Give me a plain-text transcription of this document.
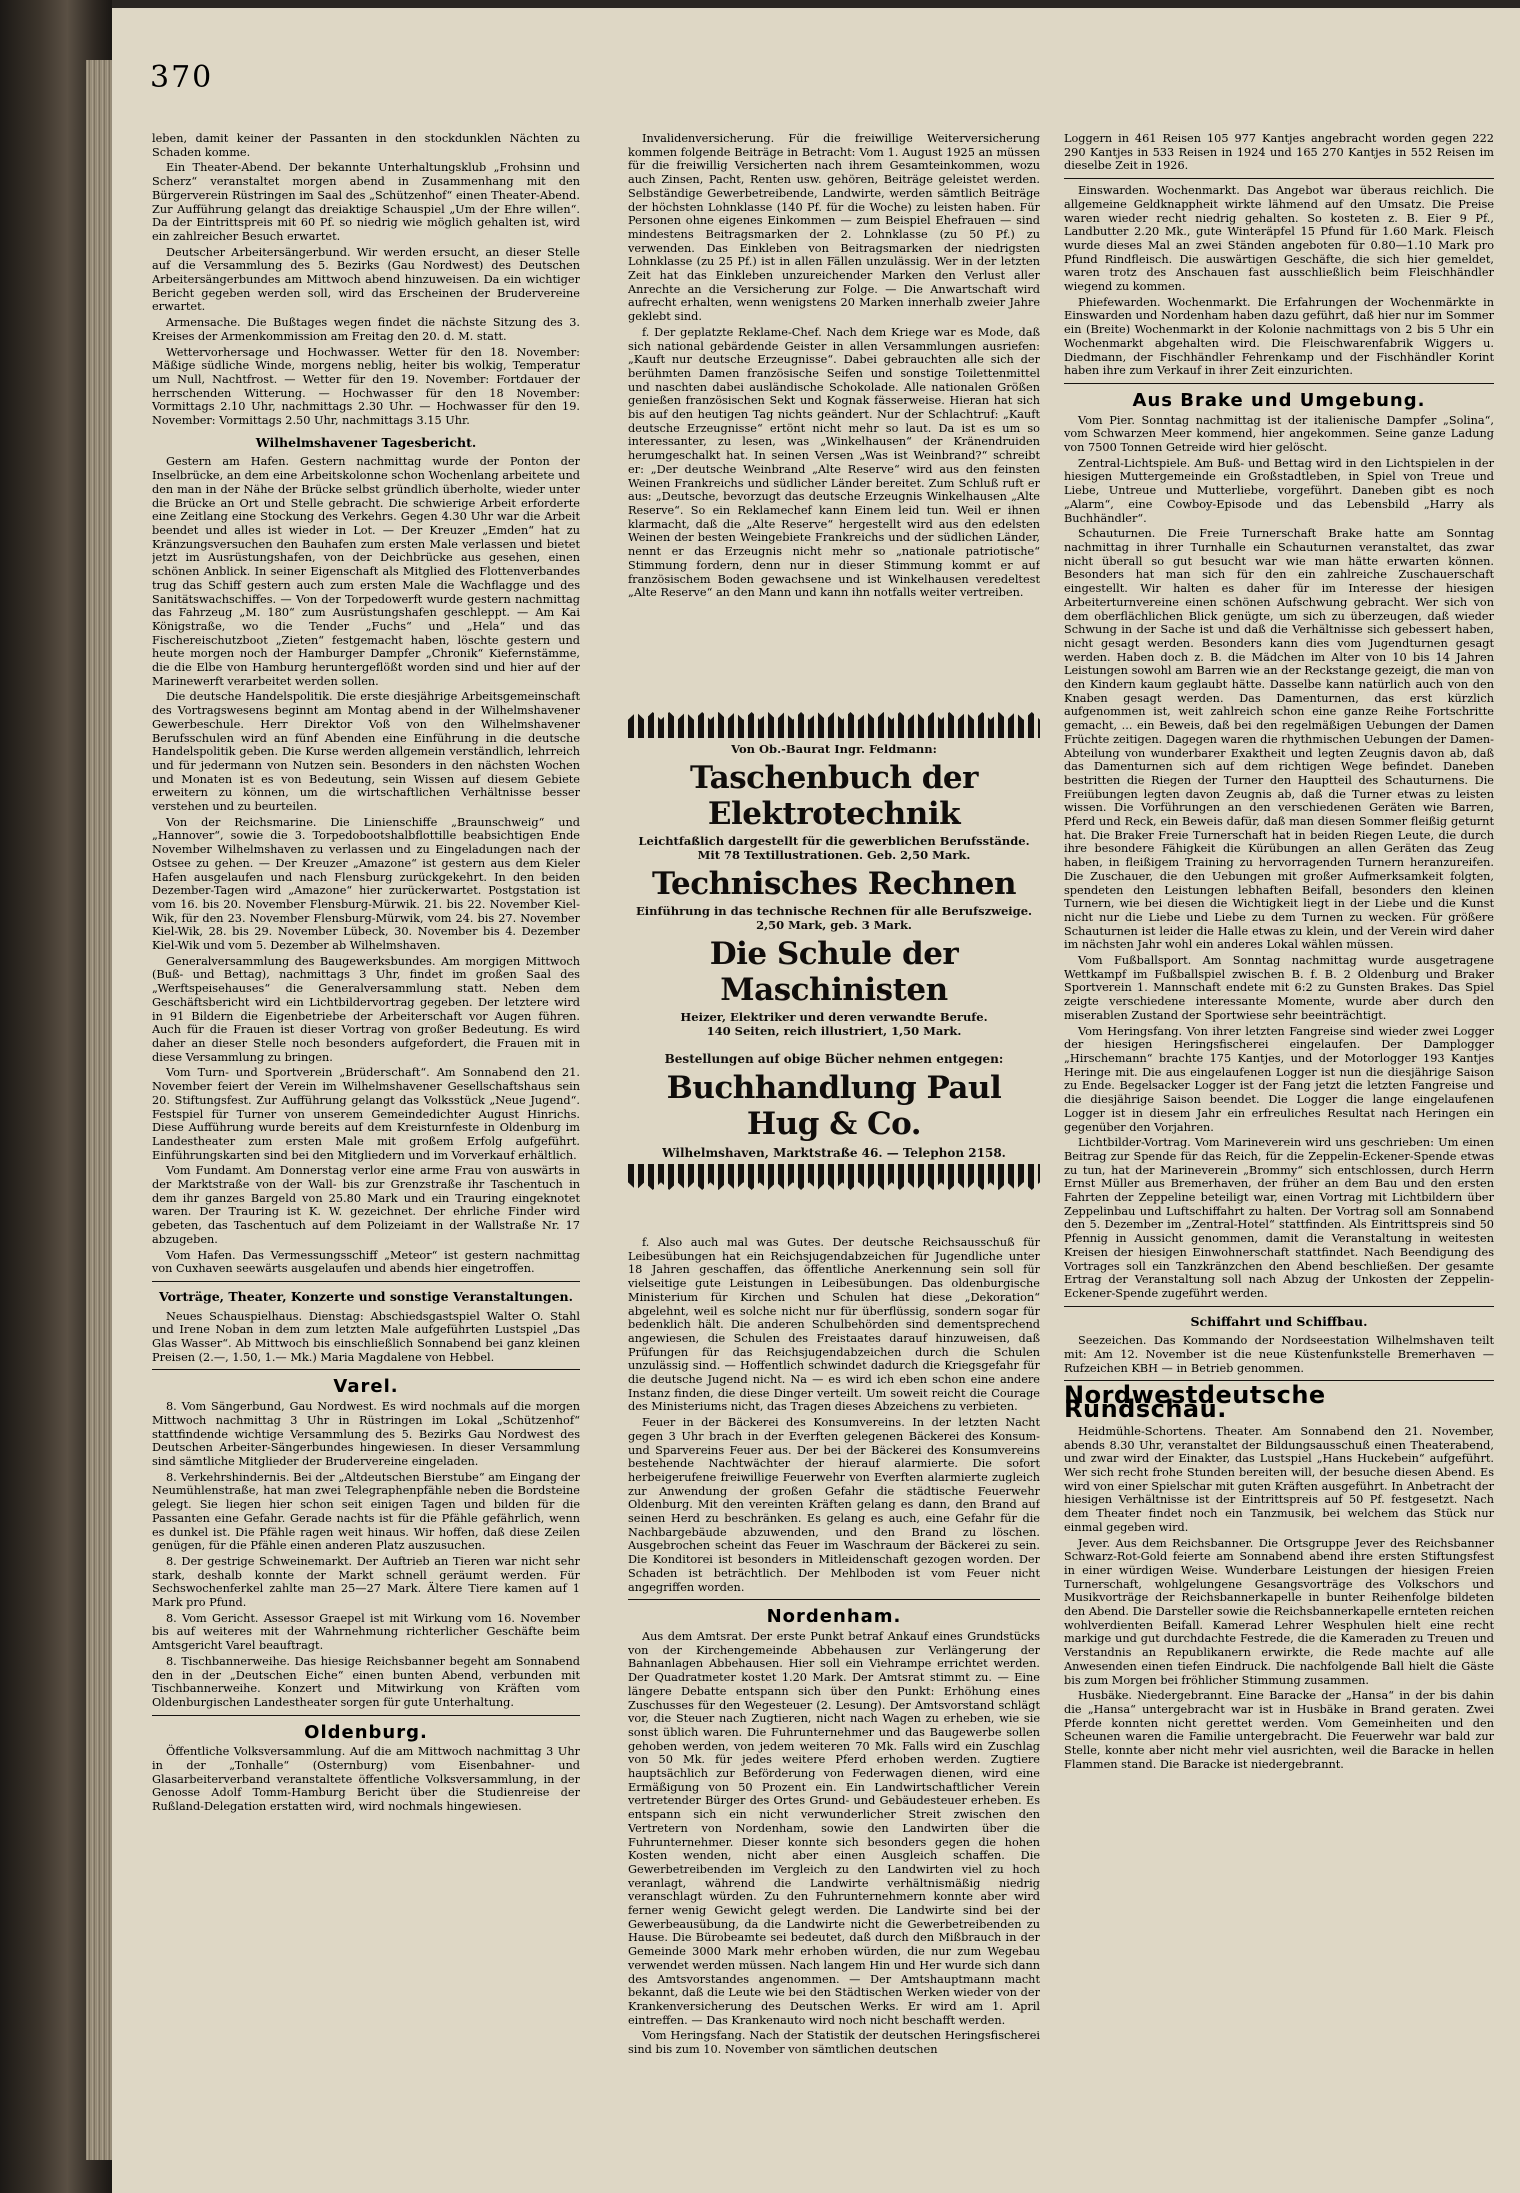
370

leben, damit keiner der Passanten in den stockdunklen Nächten zu Schaden komme.

Ein Theater-Abend. Der bekannte Unterhaltungsklub „Frohsinn und Scherz“ veranstaltet morgen abend in Zusammenhang mit den Bürgerverein Rüstringen im Saal des „Schützenhof“ einen Theater-Abend. Zur Aufführung gelangt das dreiaktige Schauspiel „Um der Ehre willen“. Da der Eintrittspreis mit 60 Pf. so niedrig wie möglich gehalten ist, wird ein zahlreicher Besuch erwartet.

Deutscher Arbeitersängerbund. Wir werden ersucht, an dieser Stelle auf die Versammlung des 5. Bezirks (Gau Nordwest) des Deutschen Arbeitersängerbundes am Mittwoch abend hinzuweisen. Da ein wichtiger Bericht gegeben werden soll, wird das Erscheinen der Brudervereine erwartet.

Armensache. Die Bußtages wegen findet die nächste Sitzung des 3. Kreises der Armenkommission am Freitag den 20. d. M. statt.

Wettervorhersage und Hochwasser. Wetter für den 18. November: Mäßige südliche Winde, morgens neblig, heiter bis wolkig, Temperatur um Null, Nachtfrost. — Wetter für den 19. November: Fortdauer der herrschenden Witterung. — Hochwasser für den 18 November: Vormittags 2.10 Uhr, nachmittags 2.30 Uhr. — Hochwasser für den 19. November: Vormittags 2.50 Uhr, nachmittags 3.15 Uhr.

Wilhelmshavener Tagesbericht.

Gestern am Hafen. Gestern nachmittag wurde der Ponton der Inselbrücke, an dem eine Arbeitskolonne schon Wochenlang arbeitete und den man in der Nähe der Brücke selbst gründlich überholte, wieder unter die Brücke an Ort und Stelle gebracht. Die schwierige Arbeit erforderte eine Zeitlang eine Stockung des Verkehrs. Gegen 4.30 Uhr war die Arbeit beendet und alles ist wieder in Lot. — Der Kreuzer „Emden“ hat zu Kränzungsversuchen den Bauhafen zum ersten Male verlassen und bietet jetzt im Ausrüstungshafen, von der Deichbrücke aus gesehen, einen schönen Anblick. In seiner Eigenschaft als Mitglied des Flottenverbandes trug das Schiff gestern auch zum ersten Male die Wachflagge und des Sanitätswachschiffes. — Von der Torpedowerft wurde gestern nachmittag das Fahrzeug „M. 180“ zum Ausrüstungshafen geschleppt. — Am Kai Königstraße, wo die Tender „Fuchs“ und „Hela“ und das Fischereischutzboot „Zieten“ festgemacht haben, löschte gestern und heute morgen noch der Hamburger Dampfer „Chronik“ Kiefernstämme, die die Elbe von Hamburg heruntergeflößt worden sind und hier auf der Marinewerft verarbeitet werden sollen.

Die deutsche Handelspolitik. Die erste diesjährige Arbeitsgemeinschaft des Vortragswesens beginnt am Montag abend in der Wilhelmshavener Gewerbeschule. Herr Direktor Voß von den Wilhelmshavener Berufsschulen wird an fünf Abenden eine Einführung in die deutsche Handelspolitik geben. Die Kurse werden allgemein verständlich, lehrreich und für jedermann von Nutzen sein. Besonders in den nächsten Wochen und Monaten ist es von Bedeutung, sein Wissen auf diesem Gebiete erweitern zu können, um die wirtschaftlichen Verhältnisse besser verstehen und zu beurteilen.

Von der Reichsmarine. Die Linienschiffe „Braunschweig“ und „Hannover“, sowie die 3. Torpedobootshalbflottille beabsichtigen Ende November Wilhelmshaven zu verlassen und zu Eingeladungen nach der Ostsee zu gehen. — Der Kreuzer „Amazone“ ist gestern aus dem Kieler Hafen ausgelaufen und nach Flensburg zurückgekehrt. In den beiden Dezember-Tagen wird „Amazone“ hier zurückerwartet. Postgstation ist vom 16. bis 20. November Flensburg-Mürwik. 21. bis 22. November Kiel-Wik, für den 23. November Flensburg-Mürwik, vom 24. bis 27. November Kiel-Wik, 28. bis 29. November Lübeck, 30. November bis 4. Dezember Kiel-Wik und vom 5. Dezember ab Wilhelmshaven.

Generalversammlung des Baugewerksbundes. Am morgigen Mittwoch (Buß- und Bettag), nachmittags 3 Uhr, findet im großen Saal des „Werftspeisehauses“ die Generalversammlung statt. Neben dem Geschäftsbericht wird ein Lichtbildervortrag gegeben. Der letztere wird in 91 Bildern die Eigenbetriebe der Arbeiterschaft vor Augen führen. Auch für die Frauen ist dieser Vortrag von großer Bedeutung. Es wird daher an dieser Stelle noch besonders aufgefordert, die Frauen mit in diese Versammlung zu bringen.

Vom Turn- und Sportverein „Brüderschaft“. Am Sonnabend den 21. November feiert der Verein im Wilhelmshavener Gesellschaftshaus sein 20. Stiftungsfest. Zur Aufführung gelangt das Volksstück „Neue Jugend“. Festspiel für Turner von unserem Gemeindedichter August Hinrichs. Diese Aufführung wurde bereits auf dem Kreisturnfeste in Oldenburg im Landestheater zum ersten Male mit großem Erfolg aufgeführt. Einführungskarten sind bei den Mitgliedern und im Vorverkauf erhältlich.

Vom Fundamt. Am Donnerstag verlor eine arme Frau von auswärts in der Marktstraße von der Wall- bis zur Grenzstraße ihr Taschentuch in dem ihr ganzes Bargeld von 25.80 Mark und ein Trauring eingeknotet waren. Der Trauring ist K. W. gezeichnet. Der ehrliche Finder wird gebeten, das Taschentuch auf dem Polizeiamt in der Wallstraße Nr. 17 abzugeben.

Vom Hafen. Das Vermessungsschiff „Meteor“ ist gestern nachmittag von Cuxhaven seewärts ausgelaufen und abends hier eingetroffen.

Vorträge, Theater, Konzerte und sonstige Veranstaltungen.

Neues Schauspielhaus. Dienstag: Abschiedsgastspiel Walter O. Stahl und Irene Noban in dem zum letzten Male aufgeführten Lustspiel „Das Glas Wasser“. Ab Mittwoch bis einschließlich Sonnabend bei ganz kleinen Preisen (2.—, 1.50, 1.— Mk.) Maria Magdalene von Hebbel.

Varel.

8. Vom Sängerbund, Gau Nordwest. Es wird nochmals auf die morgen Mittwoch nachmittag 3 Uhr in Rüstringen im Lokal „Schützenhof“ stattfindende wichtige Versammlung des 5. Bezirks Gau Nordwest des Deutschen Arbeiter-Sängerbundes hingewiesen. In dieser Versammlung sind sämtliche Mitglieder der Brudervereine eingeladen.

8. Verkehrshindernis. Bei der „Altdeutschen Bierstube“ am Eingang der Neumühlenstraße, hat man zwei Telegraphenpfähle neben die Bordsteine gelegt. Sie liegen hier schon seit einigen Tagen und bilden für die Passanten eine Gefahr. Gerade nachts ist für die Pfähle gefährlich, wenn es dunkel ist. Die Pfähle ragen weit hinaus. Wir hoffen, daß diese Zeilen genügen, für die Pfähle einen anderen Platz auszusuchen.

8. Der gestrige Schweinemarkt. Der Auftrieb an Tieren war nicht sehr stark, deshalb konnte der Markt schnell geräumt werden. Für Sechswochenferkel zahlte man 25—27 Mark. Ältere Tiere kamen auf 1 Mark pro Pfund.

8. Vom Gericht. Assessor Graepel ist mit Wirkung vom 16. November bis auf weiteres mit der Wahrnehmung richterlicher Geschäfte beim Amtsgericht Varel beauftragt.

8. Tischbannerweihe. Das hiesige Reichsbanner begeht am Sonnabend den in der „Deutschen Eiche“ einen bunten Abend, verbunden mit Tischbannerweihe. Konzert und Mitwirkung von Kräften vom Oldenburgischen Landestheater sorgen für gute Unterhaltung.

Oldenburg.

Öffentliche Volksversammlung. Auf die am Mittwoch nachmittag 3 Uhr in der „Tonhalle“ (Osternburg) vom Eisenbahner- und Glasarbeiterverband veranstaltete öffentliche Volksversammlung, in der Genosse Adolf Tomm-Hamburg Bericht über die Studienreise der Rußland-Delegation erstatten wird, wird nochmals hingewiesen.

Invalidenversicherung. Für die freiwillige Weiterversicherung kommen folgende Beiträge in Betracht: Vom 1. August 1925 an müssen für die freiwillig Versicherten nach ihrem Gesamteinkommen, wozu auch Zinsen, Pacht, Renten usw. gehören, Beiträge geleistet werden. Selbständige Gewerbetreibende, Landwirte, werden sämtlich Beiträge der höchsten Lohnklasse (140 Pf. für die Woche) zu leisten haben. Für Personen ohne eigenes Einkommen — zum Beispiel Ehefrauen — sind mindestens Beitragsmarken der 2. Lohnklasse (zu 50 Pf.) zu verwenden. Das Einkleben von Beitragsmarken der niedrigsten Lohnklasse (zu 25 Pf.) ist in allen Fällen unzulässig. Wer in der letzten Zeit hat das Einkleben unzureichender Marken den Verlust aller Anrechte an die Versicherung zur Folge. — Die Anwartschaft wird aufrecht erhalten, wenn wenigstens 20 Marken innerhalb zweier Jahre geklebt sind.

f. Der geplatzte Reklame-Chef. Nach dem Kriege war es Mode, daß sich national gebärdende Geister in allen Versammlungen ausriefen: „Kauft nur deutsche Erzeugnisse“. Dabei gebrauchten alle sich der berühmten Damen französische Seifen und sonstige Toilettenmittel und naschten dabei ausländische Schokolade. Alle nationalen Größen genießen französischen Sekt und Kognak fässerweise. Hieran hat sich bis auf den heutigen Tag nichts geändert. Nur der Schlachtruf: „Kauft deutsche Erzeugnisse“ ertönt nicht mehr so laut. Da ist es um so interessanter, zu lesen, was „Winkelhausen“ der Kränendruiden herumgeschalkt hat. In seinen Versen „Was ist Weinbrand?“ schreibt er: „Der deutsche Weinbrand „Alte Reserve“ wird aus den feinsten Weinen Frankreichs und südlicher Länder bereitet. Zum Schluß ruft er aus: „Deutsche, bevorzugt das deutsche Erzeugnis Winkelhausen „Alte Reserve“. So ein Reklamechef kann Einem leid tun. Weil er ihnen klarmacht, daß die „Alte Reserve“ hergestellt wird aus den edelsten Weinen der besten Weingebiete Frankreichs und der südlichen Länder, nennt er das Erzeugnis nicht mehr so „nationale patriotische“ Stimmung fordern, denn nur in dieser Stimmung kommt er auf französischem Boden gewachsene und ist Winkelhausen veredeltest „Alte Reserve“ an den Mann und kann ihn notfalls weiter vertreiben.

Von Ob.-Baurat Ingr. Feldmann:
Taschenbuch der Elektrotechnik
Leichtfaßlich dargestellt für die gewerblichen Berufsstände.
Mit 78 Textillustrationen. Geb. 2,50 Mark.
Technisches Rechnen
Einführung in das technische Rechnen für alle Berufszweige.
2,50 Mark, geb. 3 Mark.
Die Schule der Maschinisten
Heizer, Elektriker und deren verwandte Berufe.
140 Seiten, reich illustriert, 1,50 Mark.
Bestellungen auf obige Bücher nehmen entgegen:
Buchhandlung Paul Hug & Co.
Wilhelmshaven, Marktstraße 46. — Telephon 2158.

f. Also auch mal was Gutes. Der deutsche Reichsausschuß für Leibesübungen hat ein Reichsjugendabzeichen für Jugendliche unter 18 Jahren geschaffen, das öffentliche Anerkennung sein soll für vielseitige gute Leistungen in Leibesübungen. Das oldenburgische Ministerium für Kirchen und Schulen hat diese „Dekoration“ abgelehnt, weil es solche nicht nur für überflüssig, sondern sogar für bedenklich hält. Die anderen Schulbehörden sind dementsprechend angewiesen, die Schulen des Freistaates darauf hinzuweisen, daß Prüfungen für das Reichsjugendabzeichen durch die Schulen unzulässig sind. — Hoffentlich schwindet dadurch die Kriegsgefahr für die deutsche Jugend nicht. Na — es wird ich eben schon eine andere Instanz finden, die diese Dinger verteilt. Um soweit reicht die Courage des Ministeriums nicht, das Tragen dieses Abzeichens zu verbieten.

Feuer in der Bäckerei des Konsumvereins. In der letzten Nacht gegen 3 Uhr brach in der Everften gelegenen Bäckerei des Konsum- und Sparvereins Feuer aus. Der bei der Bäckerei des Konsumvereins bestehende Nachtwächter der hierauf alarmierte. Die sofort herbeigerufene freiwillige Feuerwehr von Everften alarmierte zugleich zur Anwendung der großen Gefahr die städtische Feuerwehr Oldenburg. Mit den vereinten Kräften gelang es dann, den Brand auf seinen Herd zu beschränken. Es gelang es auch, eine Gefahr für die Nachbargebäude abzuwenden, und den Brand zu löschen. Ausgebrochen scheint das Feuer im Waschraum der Bäckerei zu sein. Die Konditorei ist besonders in Mitleidenschaft gezogen worden. Der Schaden ist beträchtlich. Der Mehlboden ist vom Feuer nicht angegriffen worden.

Nordenham.

Aus dem Amtsrat. Der erste Punkt betraf Ankauf eines Grundstücks von der Kirchengemeinde Abbehausen zur Verlängerung der Bahnanlagen Abbehausen. Hier soll ein Viehrampe errichtet werden. Der Quadratmeter kostet 1.20 Mark. Der Amtsrat stimmt zu. — Eine längere Debatte entspann sich über den Punkt: Erhöhung eines Zuschusses für den Wegesteuer (2. Lesung). Der Amtsvorstand schlägt vor, die Steuer nach Zugtieren, nicht nach Wagen zu erheben, wie sie sonst üblich waren. Die Fuhrunternehmer und das Baugewerbe sollen gehoben werden, von jedem weiteren 70 Mk. Falls wird ein Zuschlag von 50 Mk. für jedes weitere Pferd erhoben werden. Zugtiere hauptsächlich zur Beförderung von Federwagen dienen, wird eine Ermäßigung von 50 Prozent ein. Ein Landwirtschaftlicher Verein vertretender Bürger des Ortes Grund- und Gebäudesteuer erheben. Es entspann sich ein nicht verwunderlicher Streit zwischen den Vertretern von Nordenham, sowie den Landwirten über die Fuhrunternehmer. Dieser konnte sich besonders gegen die hohen Kosten wenden, nicht aber einen Ausgleich schaffen. Die Gewerbetreibenden im Vergleich zu den Landwirten viel zu hoch veranlagt, während die Landwirte verhältnismäßig niedrig veranschlagt würden. Zu den Fuhrunternehmern konnte aber wird ferner wenig Gewicht gelegt werden. Die Landwirte sind bei der Gewerbeausübung, da die Landwirte nicht die Gewerbetreibenden zu Hause. Die Bürobeamte sei bedeutet, daß durch den Mißbrauch in der Gemeinde 3000 Mark mehr erhoben würden, die nur zum Wegebau verwendet werden müssen. Nach langem Hin und Her wurde sich dann des Amtsvorstandes angenommen. — Der Amtshauptmann macht bekannt, daß die Leute wie bei den Städtischen Werken wieder von der Krankenversicherung des Deutschen Werks. Er wird am 1. April eintreffen. — Das Krankenauto wird noch nicht beschafft werden.

Vom Heringsfang. Nach der Statistik der deutschen Heringsfischerei sind bis zum 10. November von sämtlichen deutschen

Loggern in 461 Reisen 105 977 Kantjes angebracht worden gegen 222 290 Kantjes in 533 Reisen in 1924 und 165 270 Kantjes in 552 Reisen im dieselbe Zeit in 1926.

Einswarden. Wochenmarkt. Das Angebot war überaus reichlich. Die allgemeine Geldknappheit wirkte lähmend auf den Umsatz. Die Preise waren wieder recht niedrig gehalten. So kosteten z. B. Eier 9 Pf., Landbutter 2.20 Mk., gute Winteräpfel 15 Pfund für 1.60 Mark. Fleisch wurde dieses Mal an zwei Ständen angeboten für 0.80—1.10 Mark pro Pfund Rindfleisch. Die auswärtigen Geschäfte, die sich hier gemeldet, waren trotz des Anschauen fast ausschließlich beim Fleischhändler wiegend zu kommen.

Phiefewarden. Wochenmarkt. Die Erfahrungen der Wochenmärkte in Einswarden und Nordenham haben dazu geführt, daß hier nur im Sommer ein (Breite) Wochenmarkt in der Kolonie nachmittags von 2 bis 5 Uhr ein Wochenmarkt abgehalten wird. Die Fleischwarenfabrik Wiggers u. Diedmann, der Fischhändler Fehrenkamp und der Fischhändler Korint haben ihre zum Verkauf in ihrer Zeit einzurichten.

Aus Brake und Umgebung.

Vom Pier. Sonntag nachmittag ist der italienische Dampfer „Solina“, vom Schwarzen Meer kommend, hier angekommen. Seine ganze Ladung von 7500 Tonnen Getreide wird hier gelöscht.

Zentral-Lichtspiele. Am Buß- und Bettag wird in den Lichtspielen in der hiesigen Muttergemeinde ein Großstadtleben, in Spiel von Treue und Liebe, Untreue und Mutterliebe, vorgeführt. Daneben gibt es noch „Alarm“, eine Cowboy-Episode und das Lebensbild „Harry als Buchhändler“.

Schauturnen. Die Freie Turnerschaft Brake hatte am Sonntag nachmittag in ihrer Turnhalle ein Schauturnen veranstaltet, das zwar nicht überall so gut besucht war wie man hätte erwarten können. Besonders hat man sich für den ein zahlreiche Zuschauerschaft eingestellt. Wir halten es daher für im Interesse der hiesigen Arbeiterturnvereine einen schönen Aufschwung gebracht. Wer sich von dem oberflächlichen Blick genügte, um sich zu überzeugen, daß wieder Schwung in der Sache ist und daß die Verhältnisse sich gebessert haben, nicht gesagt werden. Besonders kann dies vom Jugendturnen gesagt werden. Haben doch z. B. die Mädchen im Alter von 10 bis 14 Jahren Leistungen sowohl am Barren wie an der Reckstange gezeigt, die man von den Kindern kaum geglaubt hätte. Dasselbe kann natürlich auch von den Knaben gesagt werden. Das Damenturnen, das erst kürzlich aufgenommen ist, weit zahlreich schon eine ganze Reihe Fortschritte gemacht, ... ein Beweis, daß bei den regelmäßigen Uebungen der Damen Früchte zeitigen. Dagegen waren die rhythmischen Uebungen der Damen-Abteilung von wunderbarer Exaktheit und legten Zeugnis davon ab, daß das Damenturnen sich auf dem richtigen Wege befindet. Daneben bestritten die Riegen der Turner den Hauptteil des Schauturnens. Die Freiübungen legten davon Zeugnis ab, daß die Turner etwas zu leisten wissen. Die Vorführungen an den verschiedenen Geräten wie Barren, Pferd und Reck, ein Beweis dafür, daß man diesen Sommer fleißig geturnt hat. Die Braker Freie Turnerschaft hat in beiden Riegen Leute, die durch ihre besondere Fähigkeit die Kürübungen an allen Geräten das Zeug haben, in fleißigem Training zu hervorragenden Turnern heranzureifen. Die Zuschauer, die den Uebungen mit großer Aufmerksamkeit folgten, spendeten den Leistungen lebhaften Beifall, besonders den kleinen Turnern, wie bei diesen die Wichtigkeit liegt in der Liebe und die Kunst nicht nur die Liebe und Liebe zu dem Turnen zu wecken. Für größere Schauturnen ist leider die Halle etwas zu klein, und der Verein wird daher im nächsten Jahr wohl ein anderes Lokal wählen müssen.

Vom Fußballsport. Am Sonntag nachmittag wurde ausgetragene Wettkampf im Fußballspiel zwischen B. f. B. 2 Oldenburg und Braker Sportverein 1. Mannschaft endete mit 6:2 zu Gunsten Brakes. Das Spiel zeigte verschiedene interessante Momente, wurde aber durch den miserablen Zustand der Sportwiese sehr beeinträchtigt.

Vom Heringsfang. Von ihrer letzten Fangreise sind wieder zwei Logger der hiesigen Heringsfischerei eingelaufen. Der Damplogger „Hirschemann“ brachte 175 Kantjes, und der Motorlogger 193 Kantjes Heringe mit. Die aus eingelaufenen Logger ist nun die diesjährige Saison zu Ende. Begelsacker Logger ist der Fang jetzt die letzten Fangreise und die diesjährige Saison beendet. Die Logger die lange eingelaufenen Logger ist in diesem Jahr ein erfreuliches Resultat nach Heringen ein gegenüber den Vorjahren.

Lichtbilder-Vortrag. Vom Marineverein wird uns geschrieben: Um einen Beitrag zur Spende für das Reich, für die Zeppelin-Eckener-Spende etwas zu tun, hat der Marineverein „Brommy“ sich entschlossen, durch Herrn Ernst Müller aus Bremerhaven, der früher an dem Bau und den ersten Fahrten der Zeppeline beteiligt war, einen Vortrag mit Lichtbildern über Zeppelinbau und Luftschiffahrt zu halten. Der Vortrag soll am Sonnabend den 5. Dezember im „Zentral-Hotel“ stattfinden. Als Eintrittspreis sind 50 Pfennig in Aussicht genommen, damit die Veranstaltung in weitesten Kreisen der hiesigen Einwohnerschaft stattfindet. Nach Beendigung des Vortrages soll ein Tanzkränzchen den Abend beschließen. Der gesamte Ertrag der Veranstaltung soll nach Abzug der Unkosten der Zeppelin-Eckener-Spende zugeführt werden.

Schiffahrt und Schiffbau.

Seezeichen. Das Kommando der Nordseestation Wilhelmshaven teilt mit: Am 12. November ist die neue Küstenfunkstelle Bremerhaven — Rufzeichen KBH — in Betrieb genommen.

Nordwestdeutsche Rundschau.

Heidmühle-Schortens. Theater. Am Sonnabend den 21. November, abends 8.30 Uhr, veranstaltet der Bildungsausschuß einen Theaterabend, und zwar wird der Einakter, das Lustspiel „Hans Huckebein“ aufgeführt. Wer sich recht frohe Stunden bereiten will, der besuche diesen Abend. Es wird von einer Spielschar mit guten Kräften ausgeführt. In Anbetracht der hiesigen Verhältnisse ist der Eintrittspreis auf 50 Pf. festgesetzt. Nach dem Theater findet noch ein Tanzmusik, bei welchem das Stück nur einmal gegeben wird.

Jever. Aus dem Reichsbanner. Die Ortsgruppe Jever des Reichsbanner Schwarz-Rot-Gold feierte am Sonnabend abend ihre ersten Stiftungsfest in einer würdigen Weise. Wunderbare Leistungen der hiesigen Freien Turnerschaft, wohlgelungene Gesangsvorträge des Volkschors und Musikvorträge der Reichsbannerkapelle in bunter Reihenfolge bildeten den Abend. Die Darsteller sowie die Reichsbannerkapelle ernteten reichen wohlverdienten Beifall. Kamerad Lehrer Wesphulen hielt eine recht markige und gut durchdachte Festrede, die die Kameraden zu Treuen und Verstandnis an Republikanern erwirkte, die Rede machte auf alle Anwesenden einen tiefen Eindruck. Die nachfolgende Ball hielt die Gäste bis zum Morgen bei fröhlicher Stimmung zusammen.

Husbäke. Niedergebrannt. Eine Baracke der „Hansa“ in der bis dahin die „Hansa“ untergebracht war ist in Husbäke in Brand geraten. Zwei Pferde konnten nicht gerettet werden. Vom Gemeinheiten und den Scheunen waren die Familie untergebracht. Die Feuerwehr war bald zur Stelle, konnte aber nicht mehr viel ausrichten, weil die Baracke in hellen Flammen stand. Die Baracke ist niedergebrannt.
